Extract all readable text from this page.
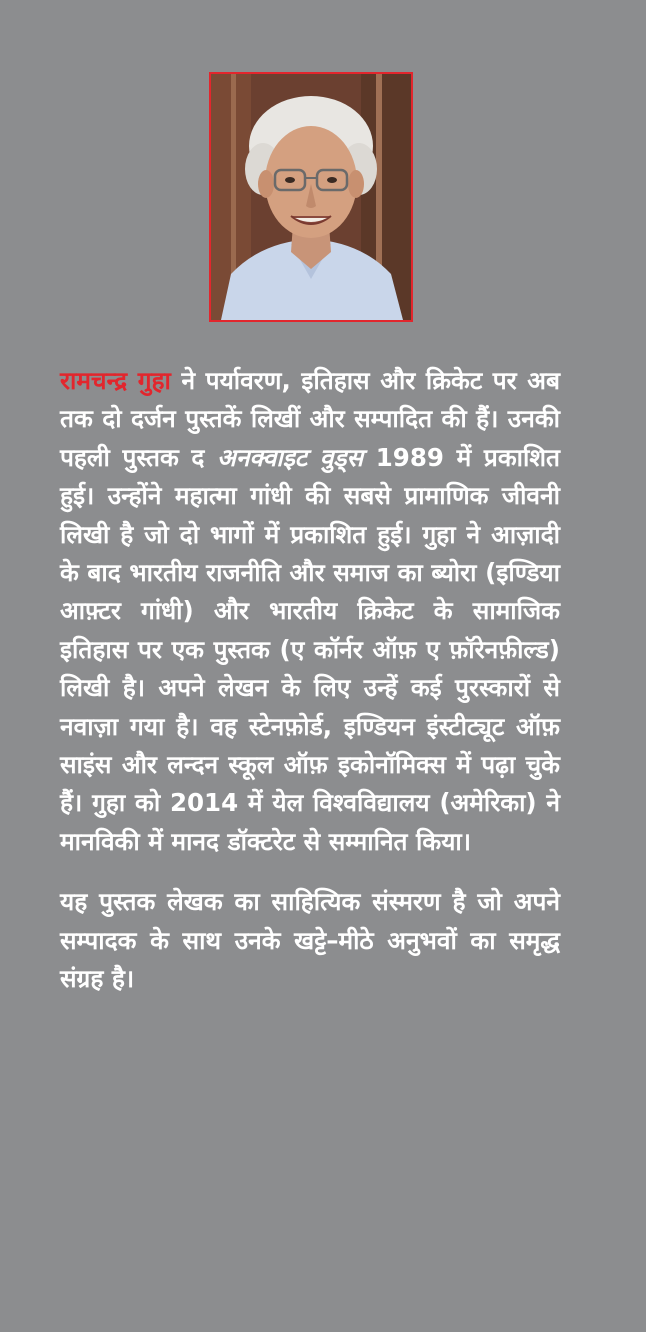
रामचन्द्र गुहा ने पर्यावरण, इतिहास और क्रिकेट पर अब तक दो दर्जन पुस्तकें लिखीं और सम्पादित की हैं। उनकी पहली पुस्तक द अनक्वाइट वुड्स 1989 में प्रकाशित हुई। उन्होंने महात्मा गांधी की सबसे प्रामाणिक जीवनी लिखी है जो दो भागों में प्रकाशित हुई। गुहा ने आज़ादी के बाद भारतीय राजनीति और समाज का ब्योरा (इण्डिया आफ़्टर गांधी) और भारतीय क्रिकेट के सामाजिक इतिहास पर एक पुस्तक (ए कॉर्नर ऑफ़ ए फ़ॉरेनफ़ील्ड) लिखी है। अपने लेखन के लिए उन्हें कई पुरस्कारों से नवाज़ा गया है। वह स्टेनफ़ोर्ड, इण्डियन इंस्टीट्यूट ऑफ़ साइंस और लन्दन स्कूल ऑफ़ इकोनॉमिक्स में पढ़ा चुके हैं। गुहा को 2014 में येल विश्वविद्यालय (अमेरिका) ने मानविकी में मानद डॉक्टरेट से सम्मानित किया।

यह पुस्तक लेखक का साहित्यिक संस्मरण है जो अपने सम्पादक के साथ उनके खट्टे–मीठे अनुभवों का समृद्ध संग्रह है।
